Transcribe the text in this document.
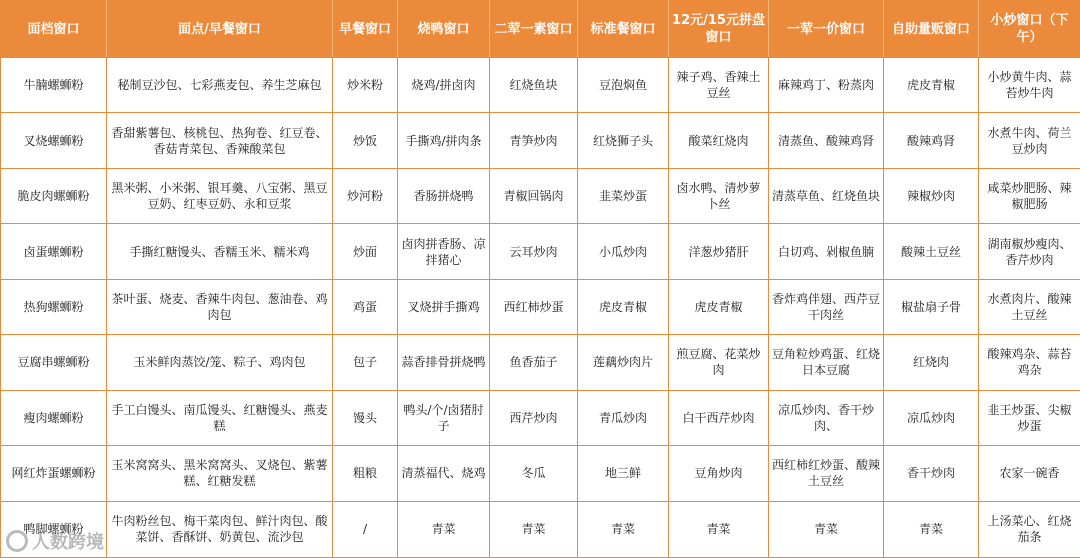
面档窗口	面点/早餐窗口	早餐窗口	烧鸭窗口	二荤一素窗口	标准餐窗口	12元/15元拼盘窗口	一荤一价窗口	自助量贩窗口	小炒窗口（下午）
牛腩螺蛳粉	秘制豆沙包、七彩燕麦包、养生芝麻包	炒米粉	烧鸡/拼卤肉	红烧鱼块	豆泡焖鱼	辣子鸡、香辣土豆丝	麻辣鸡丁、粉蒸肉	虎皮青椒	小炒黄牛肉、蒜苔炒牛肉
叉烧螺蛳粉	香甜紫薯包、核桃包、热狗卷、红豆卷、香菇青菜包、香辣酸菜包	炒饭	手撕鸡/拼肉条	青笋炒肉	红烧狮子头	酸菜红烧肉	清蒸鱼、酸辣鸡肾	酸辣鸡肾	水煮牛肉、荷兰豆炒肉
脆皮肉螺蛳粉	黑米粥、小米粥、银耳羹、八宝粥、黑豆豆奶、红枣豆奶、永和豆浆	炒河粉	香肠拼烧鸭	青椒回锅肉	韭菜炒蛋	卤水鸭、清炒萝卜丝	清蒸草鱼、红烧鱼块	辣椒炒肉	咸菜炒肥肠、辣椒肥肠
卤蛋螺蛳粉	手撕红糖馒头、香糯玉米、糯米鸡	炒面	卤肉拼香肠、凉拌猪心	云耳炒肉	小瓜炒肉	洋葱炒猪肝	白切鸡、剁椒鱼腩	酸辣土豆丝	湖南椒炒瘦肉、香芹炒肉
热狗螺蛳粉	茶叶蛋、烧麦、香辣牛肉包、葱油卷、鸡肉包	鸡蛋	叉烧拼手撕鸡	西红柿炒蛋	虎皮青椒	虎皮青椒	香炸鸡伴翅、西芹豆干肉丝	椒盐扇子骨	水煮肉片、酸辣土豆丝
豆腐串螺蛳粉	玉米鲜肉蒸饺/笼、粽子、鸡肉包	包子	蒜香排骨拼烧鸭	鱼香茄子	莲藕炒肉片	煎豆腐、花菜炒肉	豆角粒炒鸡蛋、红烧日本豆腐	红烧肉	酸辣鸡杂、蒜苔鸡杂
瘦肉螺蛳粉	手工白馒头、南瓜馒头、红糖馒头、燕麦糕	馒头	鸭头/个/卤猪肘子	西芹炒肉	青瓜炒肉	白干西芹炒肉	凉瓜炒肉、香干炒肉、	凉瓜炒肉	韭王炒蛋、尖椒炒蛋
网红炸蛋螺蛳粉	玉米窝窝头、黑米窝窝头、叉烧包、紫薯糕、红糖发糕	粗粮	清蒸福代、烧鸡	冬瓜	地三鲜	豆角炒肉	西红柿红炒蛋、酸辣土豆丝	香干炒肉	农家一碗香
鸭脚螺蛳粉	牛肉粉丝包、梅干菜肉包、鲜汁肉包、酸菜饼、香酥饼、奶黄包、流沙包	/	青菜	青菜	青菜	青菜	青菜	青菜	上汤菜心、红烧茄条
人数跨境
